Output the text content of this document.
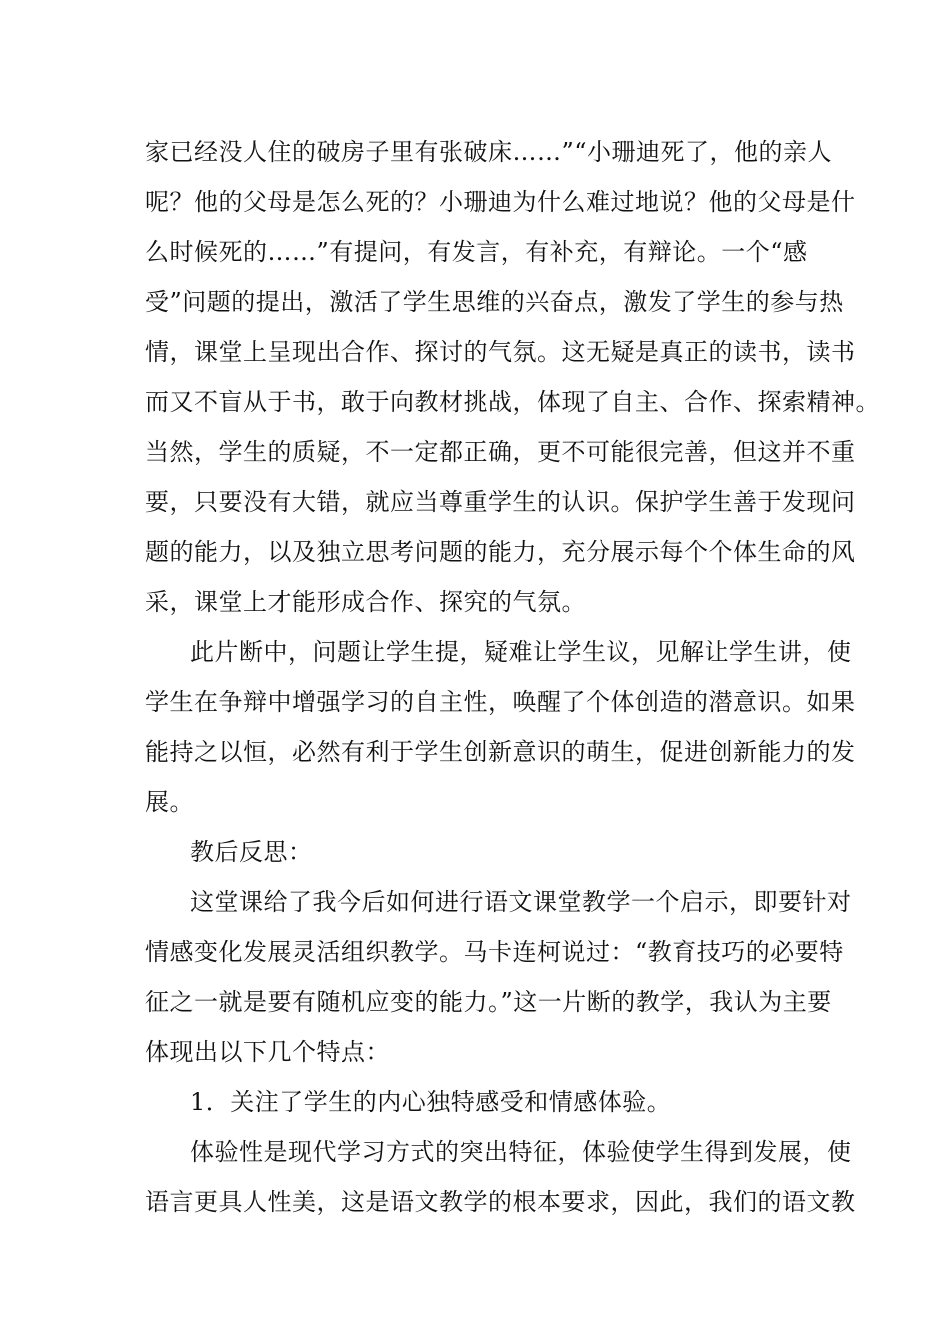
家已经没人住的破房子里有张破床……”“小珊迪死了，他的亲人
呢？他的父母是怎么死的？小珊迪为什么难过地说？他的父母是什
么时候死的……”有提问，有发言，有补充，有辩论。一个“感
受”问题的提出，激活了学生思维的兴奋点，激发了学生的参与热
情，课堂上呈现出合作、探讨的气氛。这无疑是真正的读书，读书
而又不盲从于书，敢于向教材挑战，体现了自主、合作、探索精神。
当然，学生的质疑，不一定都正确，更不可能很完善，但这并不重
要，只要没有大错，就应当尊重学生的认识。保护学生善于发现问
题的能力，以及独立思考问题的能力，充分展示每个个体生命的风
采，课堂上才能形成合作、探究的气氛。
此片断中，问题让学生提，疑难让学生议，见解让学生讲，使
学生在争辩中增强学习的自主性，唤醒了个体创造的潜意识。如果
能持之以恒，必然有利于学生创新意识的萌生，促进创新能力的发
展。
教后反思：
这堂课给了我今后如何进行语文课堂教学一个启示，即要针对
情感变化发展灵活组织教学。马卡连柯说过：“教育技巧的必要特
征之一就是要有随机应变的能力。”这一片断的教学，我认为主要
体现出以下几个特点：
1．关注了学生的内心独特感受和情感体验。
体验性是现代学习方式的突出特征，体验使学生得到发展，使
语言更具人性美，这是语文教学的根本要求，因此，我们的语文教
